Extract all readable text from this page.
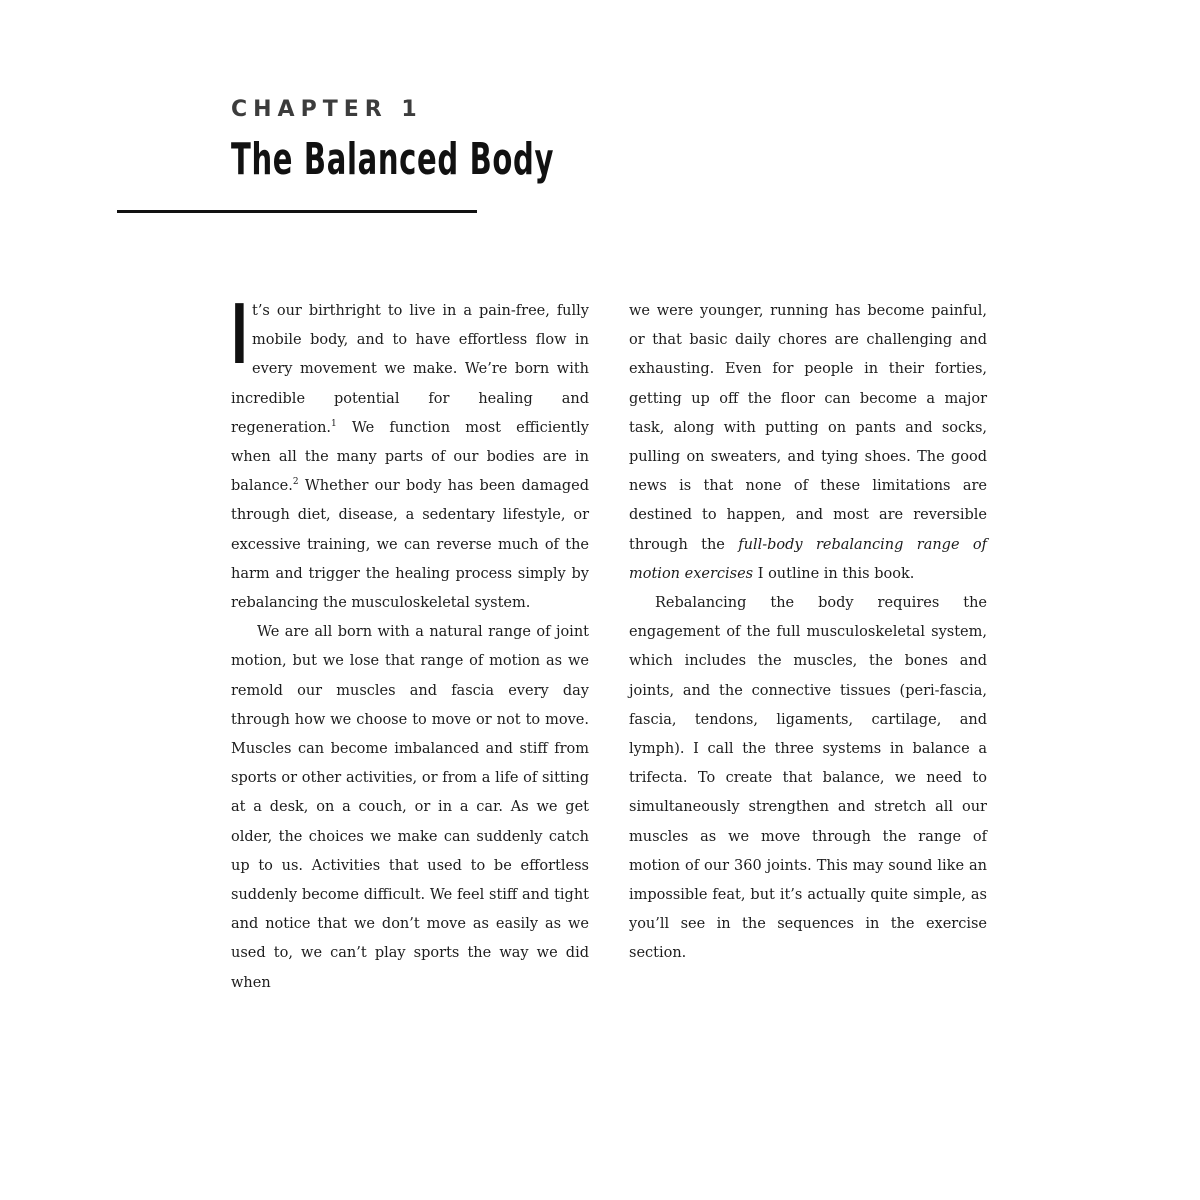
CHAPTER 1
The Balanced Body

It’s our birthright to live in a pain-free, fully mobile body, and to have effortless flow in every movement we make. We’re born with incredible potential for healing and regeneration.$^1$ We function most efficiently when all the many parts of our bodies are in balance.$^2$ Whether our body has been damaged through diet, disease, a sedentary lifestyle, or excessive training, we can reverse much of the harm and trigger the healing process simply by rebalancing the musculoskeletal system.

We are all born with a natural range of joint motion, but we lose that range of motion as we remold our muscles and fascia every day through how we choose to move or not to move. Muscles can become imbalanced and stiff from sports or other activities, or from a life of sitting at a desk, on a couch, or in a car. As we get older, the choices we make can suddenly catch up to us. Activities that used to be effortless suddenly become difficult. We feel stiff and tight and notice that we don’t move as easily as we used to, we can’t play sports the way we did when

we were younger, running has become painful, or that basic daily chores are challenging and exhausting. Even for people in their forties, getting up off the floor can become a major task, along with putting on pants and socks, pulling on sweaters, and tying shoes. The good news is that none of these limitations are destined to happen, and most are reversible through the full-body rebalancing range of motion exercises I outline in this book.

Rebalancing the body requires the engagement of the full musculoskeletal system, which includes the muscles, the bones and joints, and the connective tissues (peri-fascia, fascia, tendons, ligaments, cartilage, and lymph). I call the three systems in balance a trifecta. To create that balance, we need to simultaneously strengthen and stretch all our muscles as we move through the range of motion of our 360 joints. This may sound like an impossible feat, but it’s actually quite simple, as you’ll see in the sequences in the exercise section.
